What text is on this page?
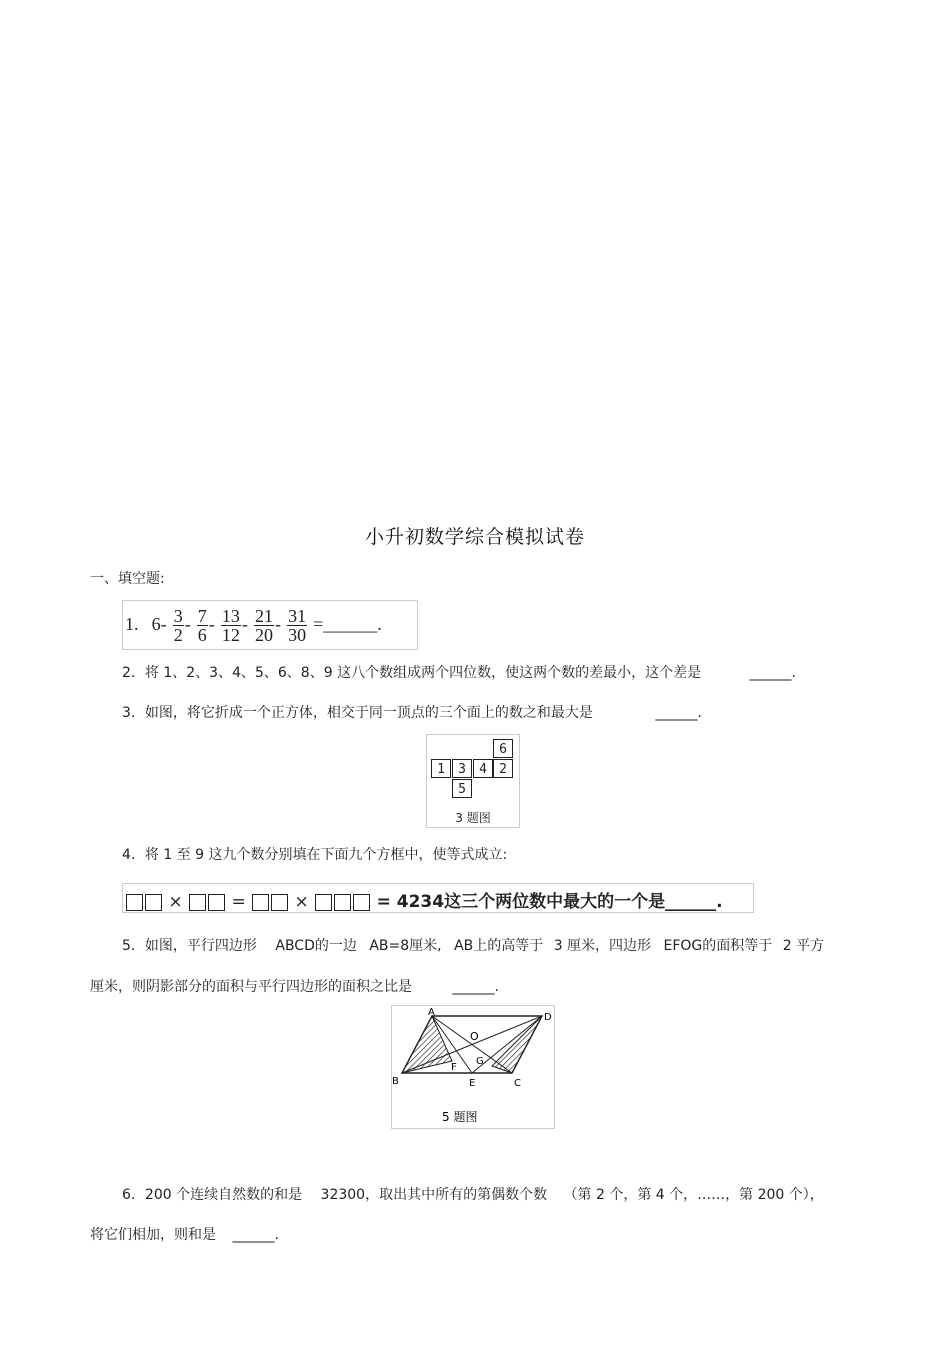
小升初数学综合模拟试卷
一、填空题:
1. $6- \frac{3}{2} - \frac{7}{6} - \frac{13}{12} - \frac{21}{20} - \frac{31}{30}$ =______.
2．将 1、2、3、4、5、6、8、9 这八个数组成两个四位数，使这两个数的差最小，这个差是	______.
3．如图，将它折成一个正方体，相交于同一顶点的三个面上的数之和最大是	______.
6
1	3	4 2
5
3 题图
4．将 1 至 9 这九个数分别填在下面九个方框中，使等式成立:
×	=	×	= 4234这三个两位数中最大的一个是______.
5．如图，平行四边形 ABCD的一边 AB=8厘米, AB上的高等于 3 厘米，四边形 EFOG的面积等于 2 平方
厘米，则阴影部分的面积与平行四边形的面积之比是	______.
A	D
C
B	E
F
G
O
5 题图
6．200 个连续自然数的和是 32300，取出其中所有的第偶数个数 （第 2 个，第 4 个，……，第 200 个），
将它们相加，则和是 ______.
